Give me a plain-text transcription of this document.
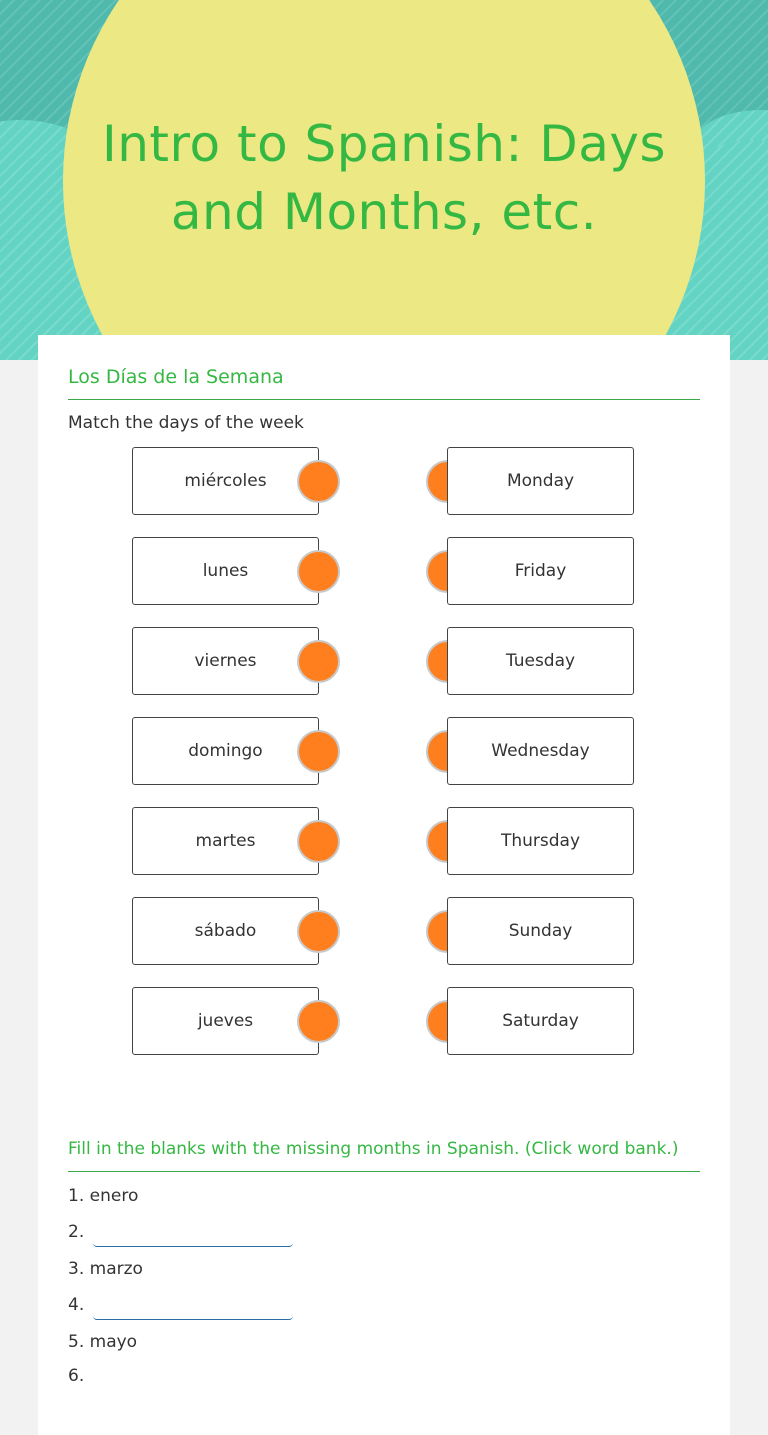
Intro to Spanish: Days and Months, etc.
Los Días de la Semana
Match the days of the week
miércoles	Monday
lunes	Friday
viernes	Tuesday
domingo	Wednesday
martes	Thursday
sábado	Sunday
jueves	Saturday
Fill in the blanks with the missing months in Spanish. (Click word bank.)
1. enero
2.
3. marzo
4.
5. mayo
6.
